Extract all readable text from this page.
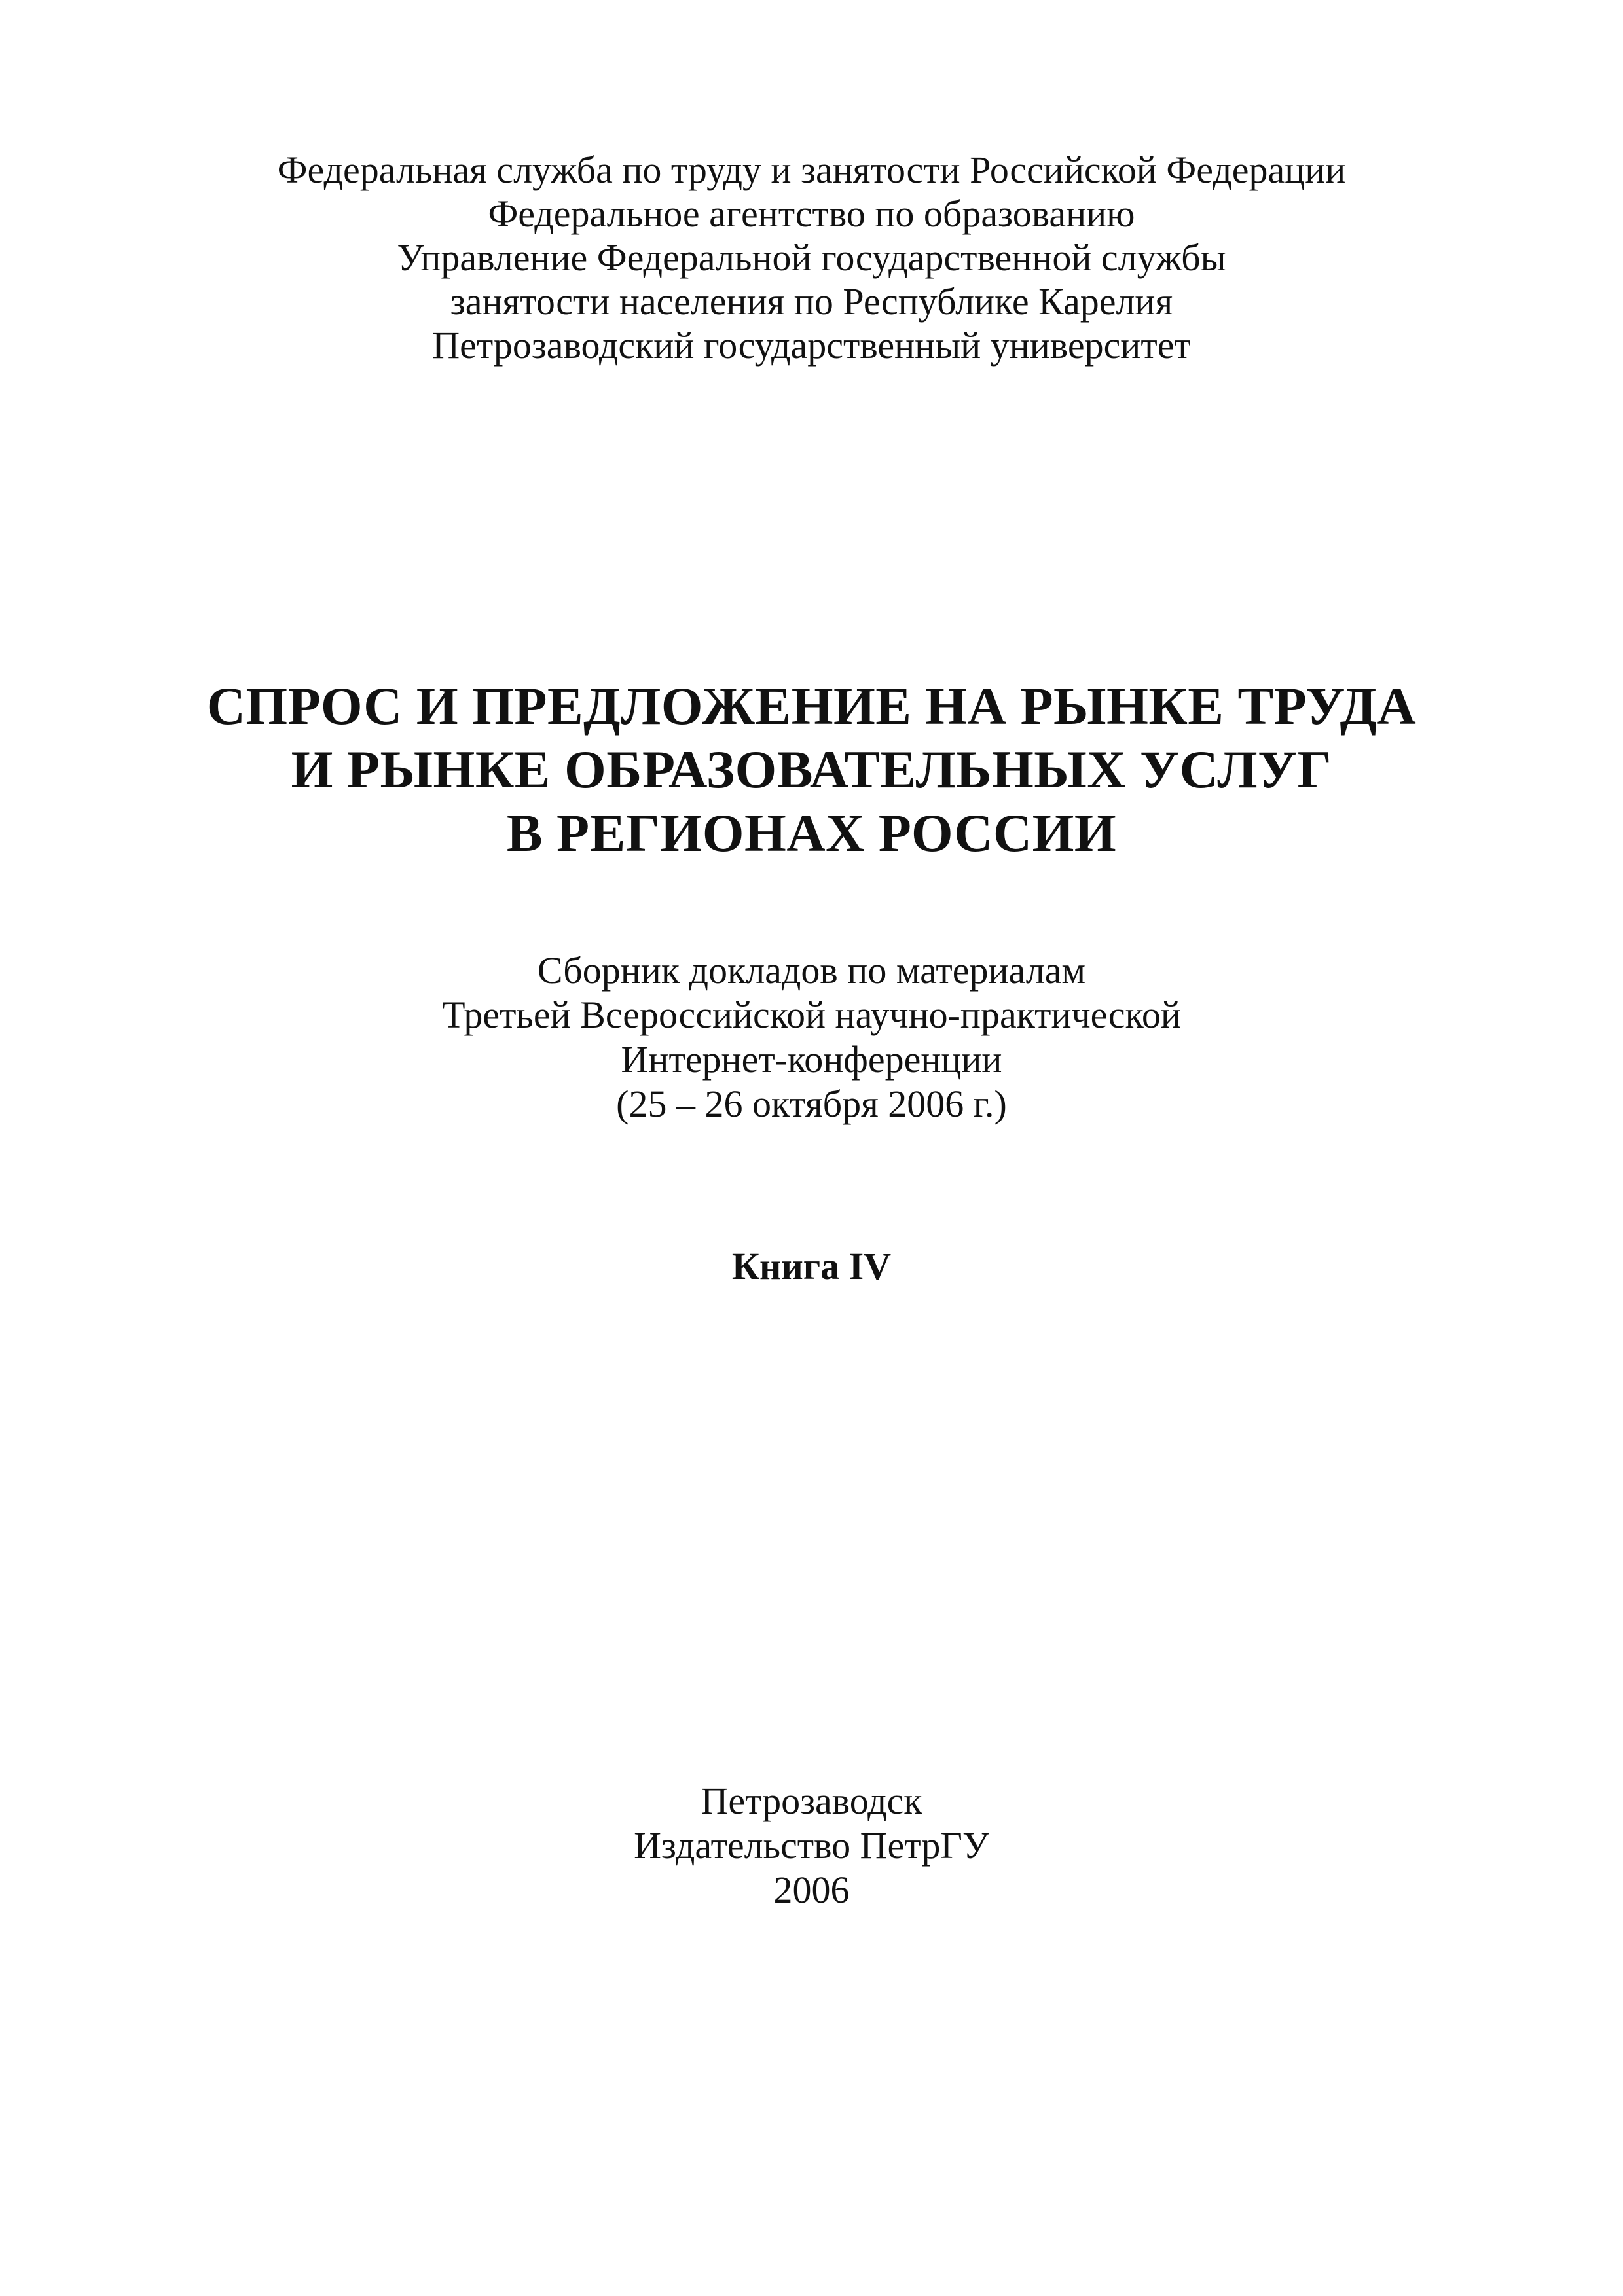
Федеральная служба по труду и занятости Российской Федерации
Федеральное агентство по образованию
Управление Федеральной государственной службы
занятости населения по Республике Карелия
Петрозаводский государственный университет
СПРОС И ПРЕДЛОЖЕНИЕ НА РЫНКЕ ТРУДА
И РЫНКЕ ОБРАЗОВАТЕЛЬНЫХ УСЛУГ
В РЕГИОНАХ РОССИИ
Сборник докладов по материалам
Третьей Всероссийской научно-практической
Интернет-конференции
(25 – 26 октября 2006 г.)
Книга IV
Петрозаводск
Издательство ПетрГУ
2006
